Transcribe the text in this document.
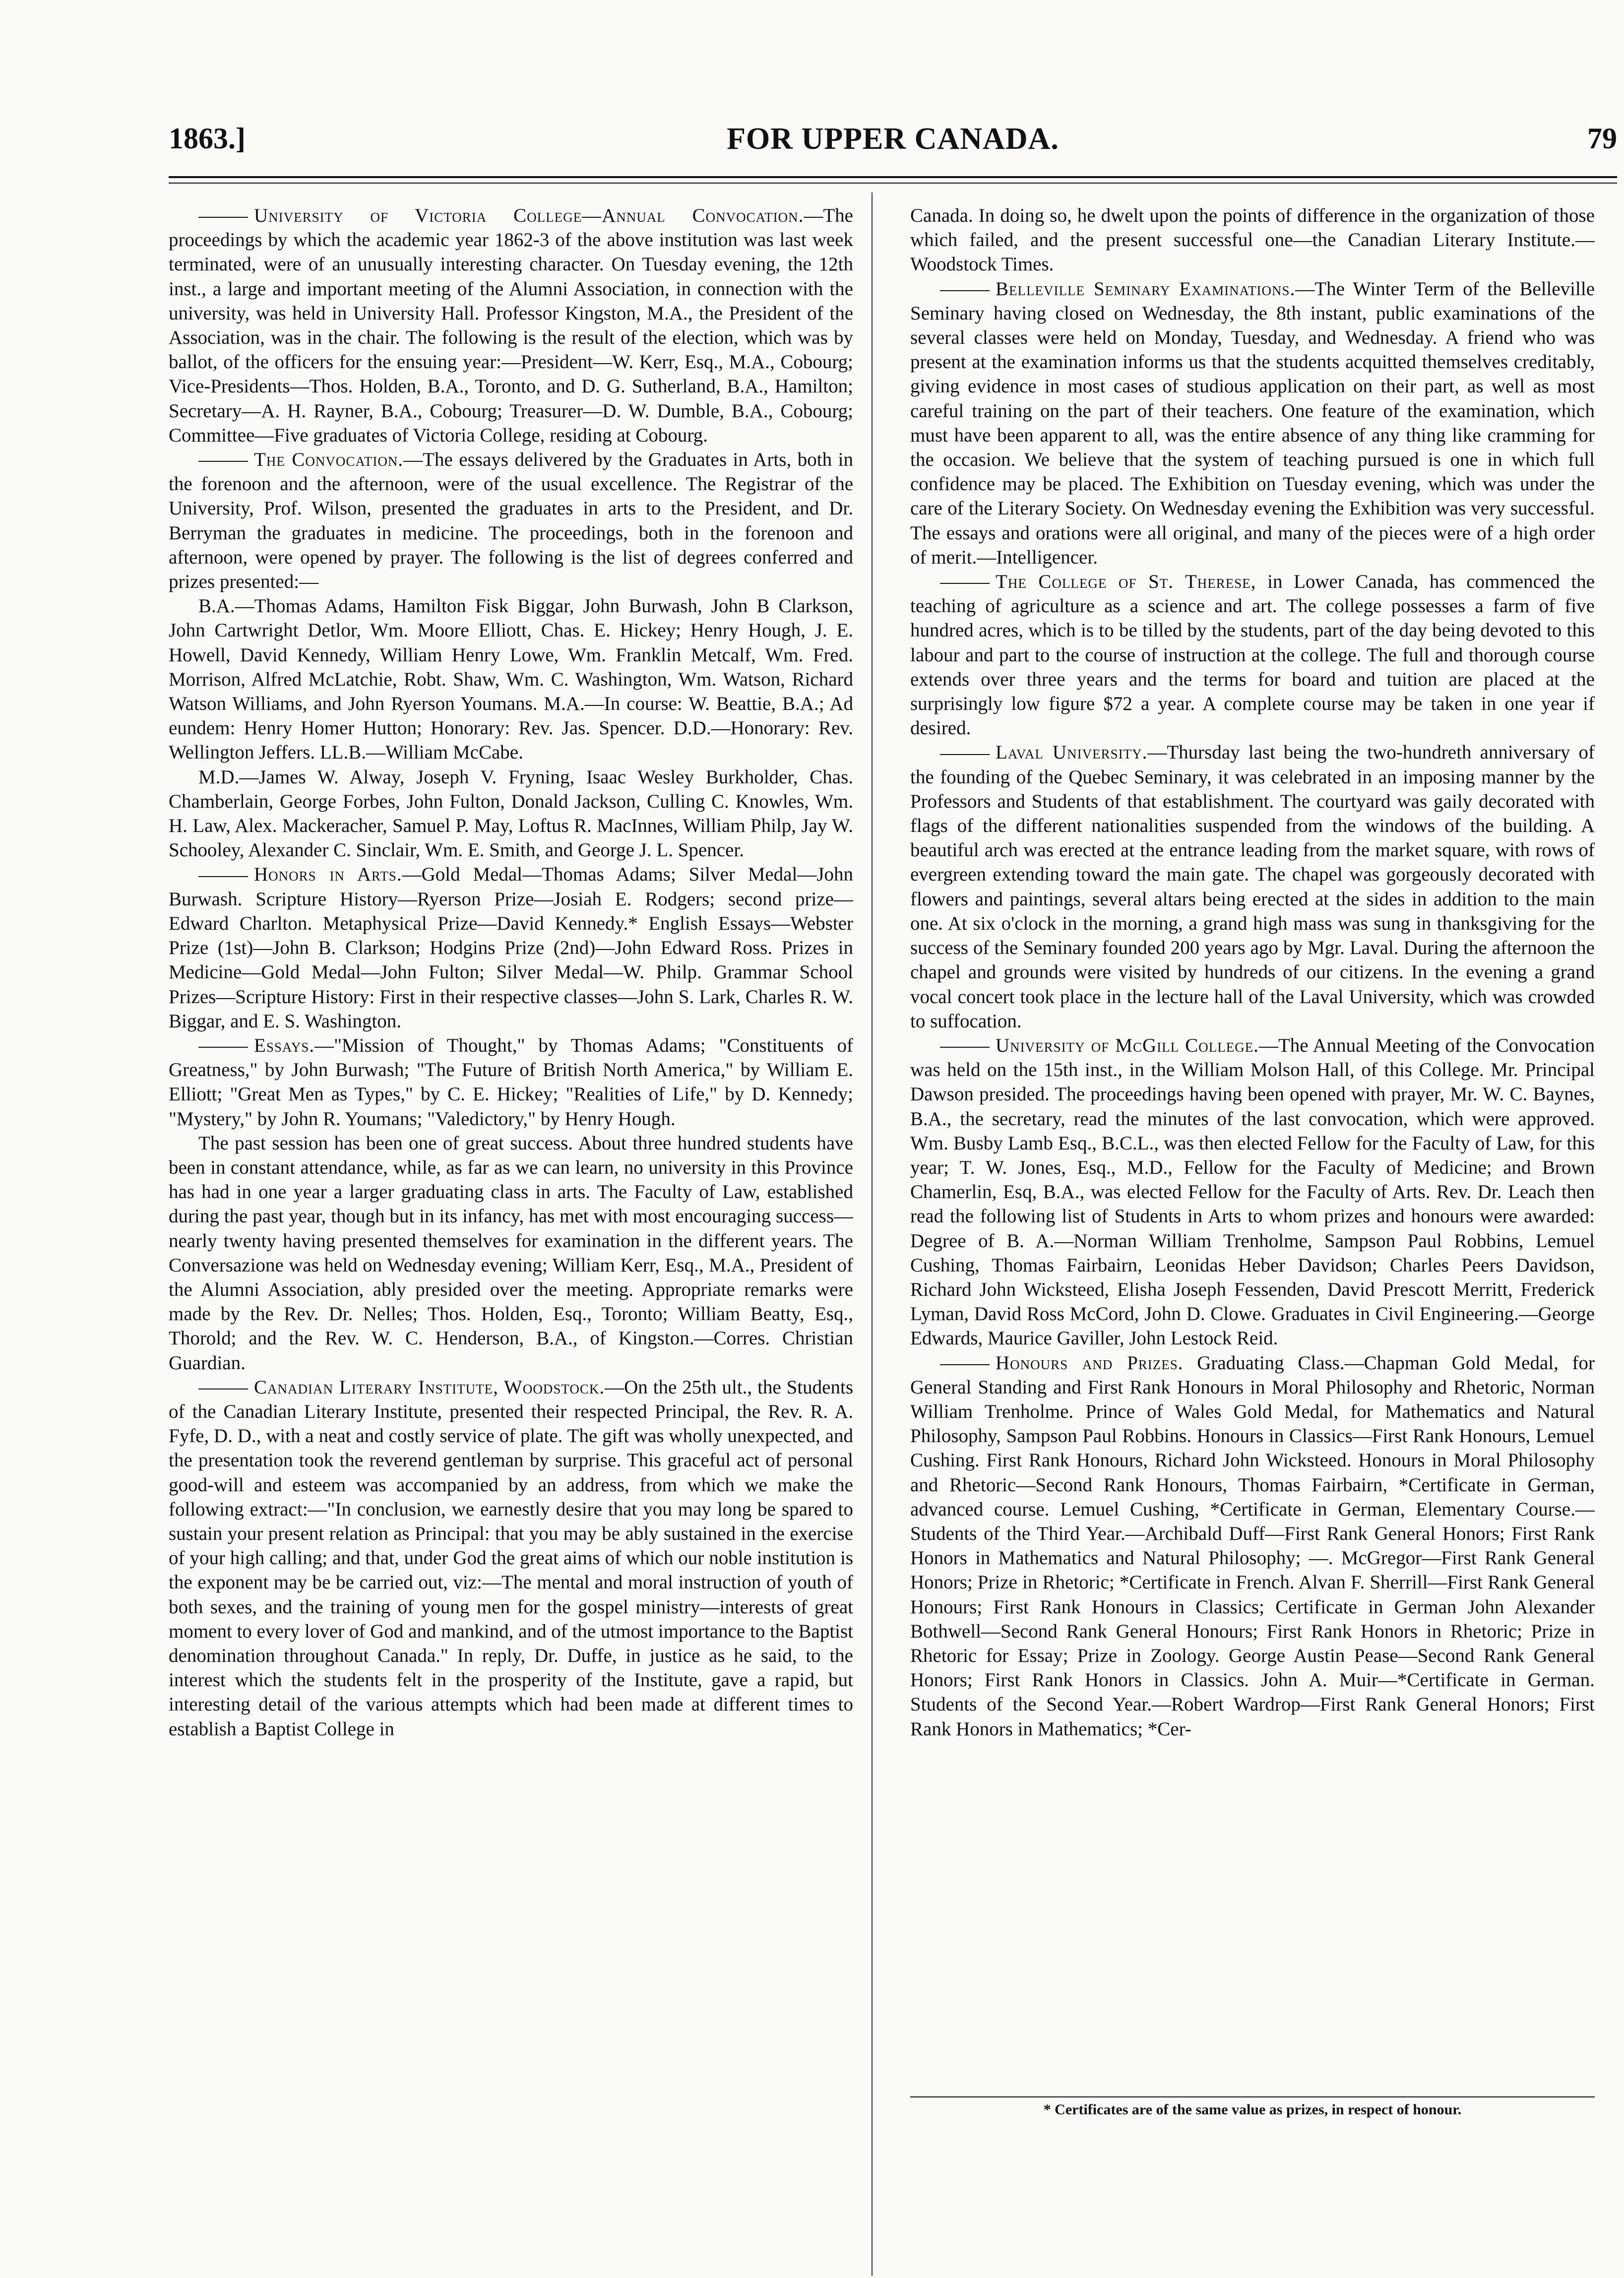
1863.]	FOR UPPER CANADA.	79

University of Victoria College—Annual Convocation.—The proceedings by which the academic year 1862-3 of the above institution was last week terminated, were of an unusually interesting character. On Tuesday evening, the 12th inst., a large and important meeting of the Alumni Association, in connection with the university, was held in University Hall. Professor Kingston, M.A., the President of the Association, was in the chair. The following is the result of the election, which was by ballot, of the officers for the ensuing year:—President—W. Kerr, Esq., M.A., Cobourg; Vice-Presidents—Thos. Holden, B.A., Toronto, and D. G. Sutherland, B.A., Hamilton; Secretary—A. H. Rayner, B.A., Cobourg; Treasurer—D. W. Dumble, B.A., Cobourg; Committee—Five graduates of Victoria College, residing at Cobourg.

The Convocation.—The essays delivered by the Graduates in Arts, both in the forenoon and the afternoon, were of the usual excellence. The Registrar of the University, Prof. Wilson, presented the graduates in arts to the President, and Dr. Berryman the graduates in medicine. The proceedings, both in the forenoon and afternoon, were opened by prayer. The following is the list of degrees conferred and prizes presented:—

B.A.—Thomas Adams, Hamilton Fisk Biggar, John Burwash, John B Clarkson, John Cartwright Detlor, Wm. Moore Elliott, Chas. E. Hickey; Henry Hough, J. E. Howell, David Kennedy, William Henry Lowe, Wm. Franklin Metcalf, Wm. Fred. Morrison, Alfred McLatchie, Robt. Shaw, Wm. C. Washington, Wm. Watson, Richard Watson Williams, and John Ryerson Youmans. M.A.—In course: W. Beattie, B.A.; Ad eundem: Henry Homer Hutton; Honorary: Rev. Jas. Spencer. D.D.—Honorary: Rev. Wellington Jeffers. LL.B.—William McCabe.

M.D.—James W. Alway, Joseph V. Fryning, Isaac Wesley Burkholder, Chas. Chamberlain, George Forbes, John Fulton, Donald Jackson, Culling C. Knowles, Wm. H. Law, Alex. Mackeracher, Samuel P. May, Loftus R. MacInnes, William Philp, Jay W. Schooley, Alexander C. Sinclair, Wm. E. Smith, and George J. L. Spencer.

Honors in Arts.—Gold Medal—Thomas Adams; Silver Medal—John Burwash. Scripture History—Ryerson Prize—Josiah E. Rodgers; second prize—Edward Charlton. Metaphysical Prize—David Kennedy.* English Essays—Webster Prize (1st)—John B. Clarkson; Hodgins Prize (2nd)—John Edward Ross. Prizes in Medicine—Gold Medal—John Fulton; Silver Medal—W. Philp. Grammar School Prizes—Scripture History: First in their respective classes—John S. Lark, Charles R. W. Biggar, and E. S. Washington.

Essays.—"Mission of Thought," by Thomas Adams; "Constituents of Greatness," by John Burwash; "The Future of British North America," by William E. Elliott; "Great Men as Types," by C. E. Hickey; "Realities of Life," by D. Kennedy; "Mystery," by John R. Youmans; "Valedictory," by Henry Hough.

The past session has been one of great success. About three hundred students have been in constant attendance, while, as far as we can learn, no university in this Province has had in one year a larger graduating class in arts. The Faculty of Law, established during the past year, though but in its infancy, has met with most encouraging success—nearly twenty having presented themselves for examination in the different years. The Conversazione was held on Wednesday evening; William Kerr, Esq., M.A., President of the Alumni Association, ably presided over the meeting. Appropriate remarks were made by the Rev. Dr. Nelles; Thos. Holden, Esq., Toronto; William Beatty, Esq., Thorold; and the Rev. W. C. Henderson, B.A., of Kingston.—Corres. Christian Guardian.

Canadian Literary Institute, Woodstock.—On the 25th ult., the Students of the Canadian Literary Institute, presented their respected Principal, the Rev. R. A. Fyfe, D. D., with a neat and costly service of plate. The gift was wholly unexpected, and the presentation took the reverend gentleman by surprise. This graceful act of personal good-will and esteem was accompanied by an address, from which we make the following extract:—"In conclusion, we earnestly desire that you may long be spared to sustain your present relation as Principal: that you may be ably sustained in the exercise of your high calling; and that, under God the great aims of which our noble institution is the exponent may be be carried out, viz:—The mental and moral instruction of youth of both sexes, and the training of young men for the gospel ministry—interests of great moment to every lover of God and mankind, and of the utmost importance to the Baptist denomination throughout Canada." In reply, Dr. Duffe, in justice as he said, to the interest which the students felt in the prosperity of the Institute, gave a rapid, but interesting detail of the various attempts which had been made at different times to establish a Baptist College in

Canada. In doing so, he dwelt upon the points of difference in the organization of those which failed, and the present successful one—the Canadian Literary Institute.—Woodstock Times.

Belleville Seminary Examinations.—The Winter Term of the Belleville Seminary having closed on Wednesday, the 8th instant, public examinations of the several classes were held on Monday, Tuesday, and Wednesday. A friend who was present at the examination informs us that the students acquitted themselves creditably, giving evidence in most cases of studious application on their part, as well as most careful training on the part of their teachers. One feature of the examination, which must have been apparent to all, was the entire absence of any thing like cramming for the occasion. We believe that the system of teaching pursued is one in which full confidence may be placed. The Exhibition on Tuesday evening, which was under the care of the Literary Society. On Wednesday evening the Exhibition was very successful. The essays and orations were all original, and many of the pieces were of a high order of merit.—Intelligencer.

The College of St. Therese, in Lower Canada, has commenced the teaching of agriculture as a science and art. The college possesses a farm of five hundred acres, which is to be tilled by the students, part of the day being devoted to this labour and part to the course of instruction at the college. The full and thorough course extends over three years and the terms for board and tuition are placed at the surprisingly low figure $72 a year. A complete course may be taken in one year if desired.

Laval University.—Thursday last being the two-hundreth anniversary of the founding of the Quebec Seminary, it was celebrated in an imposing manner by the Professors and Students of that establishment. The courtyard was gaily decorated with flags of the different nationalities suspended from the windows of the building. A beautiful arch was erected at the entrance leading from the market square, with rows of evergreen extending toward the main gate. The chapel was gorgeously decorated with flowers and paintings, several altars being erected at the sides in addition to the main one. At six o'clock in the morning, a grand high mass was sung in thanksgiving for the success of the Seminary founded 200 years ago by Mgr. Laval. During the afternoon the chapel and grounds were visited by hundreds of our citizens. In the evening a grand vocal concert took place in the lecture hall of the Laval University, which was crowded to suffocation.

University of McGill College.—The Annual Meeting of the Convocation was held on the 15th inst., in the William Molson Hall, of this College. Mr. Principal Dawson presided. The proceedings having been opened with prayer, Mr. W. C. Baynes, B.A., the secretary, read the minutes of the last convocation, which were approved. Wm. Busby Lamb Esq., B.C.L., was then elected Fellow for the Faculty of Law, for this year; T. W. Jones, Esq., M.D., Fellow for the Faculty of Medicine; and Brown Chamerlin, Esq, B.A., was elected Fellow for the Faculty of Arts. Rev. Dr. Leach then read the following list of Students in Arts to whom prizes and honours were awarded: Degree of B. A.—Norman William Trenholme, Sampson Paul Robbins, Lemuel Cushing, Thomas Fairbairn, Leonidas Heber Davidson; Charles Peers Davidson, Richard John Wicksteed, Elisha Joseph Fessenden, David Prescott Merritt, Frederick Lyman, David Ross McCord, John D. Clowe. Graduates in Civil Engineering.—George Edwards, Maurice Gaviller, John Lestock Reid.

Honours and Prizes. Graduating Class.—Chapman Gold Medal, for General Standing and First Rank Honours in Moral Philosophy and Rhetoric, Norman William Trenholme. Prince of Wales Gold Medal, for Mathematics and Natural Philosophy, Sampson Paul Robbins. Honours in Classics—First Rank Honours, Lemuel Cushing. First Rank Honours, Richard John Wicksteed. Honours in Moral Philosophy and Rhetoric—Second Rank Honours, Thomas Fairbairn, *Certificate in German, advanced course. Lemuel Cushing, *Certificate in German, Elementary Course.—Students of the Third Year.—Archibald Duff—First Rank General Honors; First Rank Honors in Mathematics and Natural Philosophy; —. McGregor—First Rank General Honors; Prize in Rhetoric; *Certificate in French. Alvan F. Sherrill—First Rank General Honours; First Rank Honours in Classics; Certificate in German John Alexander Bothwell—Second Rank General Honours; First Rank Honors in Rhetoric; Prize in Rhetoric for Essay; Prize in Zoology. George Austin Pease—Second Rank General Honors; First Rank Honors in Classics. John A. Muir—*Certificate in German. Students of the Second Year.—Robert Wardrop—First Rank General Honors; First Rank Honors in Mathematics; *Cer-

* Certificates are of the same value as prizes, in respect of honour.
